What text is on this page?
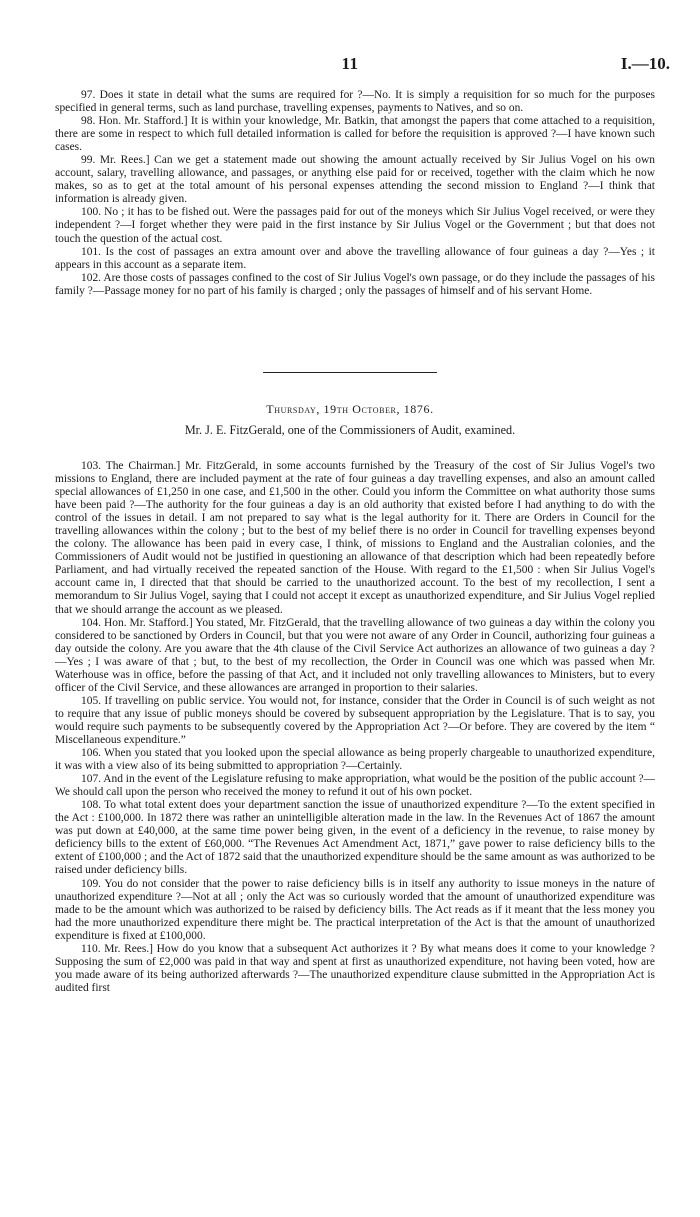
11	I.—10.

97. Does it state in detail what the sums are required for ?—No. It is simply a requisition for so much for the purposes specified in general terms, such as land purchase, travelling expenses, payments to Natives, and so on.

98. Hon. Mr. Stafford.] It is within your knowledge, Mr. Batkin, that amongst the papers that come attached to a requisition, there are some in respect to which full detailed information is called for before the requisition is approved ?—I have known such cases.

99. Mr. Rees.] Can we get a statement made out showing the amount actually received by Sir Julius Vogel on his own account, salary, travelling allowance, and passages, or anything else paid for or received, together with the claim which he now makes, so as to get at the total amount of his personal expenses attending the second mission to England ?—I think that information is already given.

100. No ; it has to be fished out. Were the passages paid for out of the moneys which Sir Julius Vogel received, or were they independent ?—I forget whether they were paid in the first instance by Sir Julius Vogel or the Government ; but that does not touch the question of the actual cost.

101. Is the cost of passages an extra amount over and above the travelling allowance of four guineas a day ?—Yes ; it appears in this account as a separate item.

102. Are those costs of passages confined to the cost of Sir Julius Vogel's own passage, or do they include the passages of his family ?—Passage money for no part of his family is charged ; only the passages of himself and of his servant Home.

Thursday, 19th October, 1876.
Mr. J. E. FitzGerald, one of the Commissioners of Audit, examined.

103. The Chairman.] Mr. FitzGerald, in some accounts furnished by the Treasury of the cost of Sir Julius Vogel's two missions to England, there are included payment at the rate of four guineas a day travelling expenses, and also an amount called special allowances of £1,250 in one case, and £1,500 in the other. Could you inform the Committee on what authority those sums have been paid ?—The authority for the four guineas a day is an old authority that existed before I had anything to do with the control of the issues in detail. I am not prepared to say what is the legal authority for it. There are Orders in Council for the travelling allowances within the colony ; but to the best of my belief there is no order in Council for travelling expenses beyond the colony. The allowance has been paid in every case, I think, of missions to England and the Australian colonies, and the Commissioners of Audit would not be justified in questioning an allowance of that description which had been repeatedly before Parliament, and had virtually received the repeated sanction of the House. With regard to the £1,500 : when Sir Julius Vogel's account came in, I directed that that should be carried to the unauthorized account. To the best of my recollection, I sent a memorandum to Sir Julius Vogel, saying that I could not accept it except as unauthorized expenditure, and Sir Julius Vogel replied that we should arrange the account as we pleased.

104. Hon. Mr. Stafford.] You stated, Mr. FitzGerald, that the travelling allowance of two guineas a day within the colony you considered to be sanctioned by Orders in Council, but that you were not aware of any Order in Council, authorizing four guineas a day outside the colony. Are you aware that the 4th clause of the Civil Service Act authorizes an allowance of two guineas a day ?—Yes ; I was aware of that ; but, to the best of my recollection, the Order in Council was one which was passed when Mr. Waterhouse was in office, before the passing of that Act, and it included not only travelling allowances to Ministers, but to every officer of the Civil Service, and these allowances are arranged in proportion to their salaries.

105. If travelling on public service. You would not, for instance, consider that the Order in Council is of such weight as not to require that any issue of public moneys should be covered by subsequent appropriation by the Legislature. That is to say, you would require such payments to be subsequently covered by the Appropriation Act ?—Or before. They are covered by the item “ Miscellaneous expenditure.”

106. When you stated that you looked upon the special allowance as being properly chargeable to unauthorized expenditure, it was with a view also of its being submitted to appropriation ?—Certainly.

107. And in the event of the Legislature refusing to make appropriation, what would be the position of the public account ?—We should call upon the person who received the money to refund it out of his own pocket.

108. To what total extent does your department sanction the issue of unauthorized expenditure ?—To the extent specified in the Act : £100,000. In 1872 there was rather an unintelligible alteration made in the law. In the Revenues Act of 1867 the amount was put down at £40,000, at the same time power being given, in the event of a deficiency in the revenue, to raise money by deficiency bills to the extent of £60,000. “The Revenues Act Amendment Act, 1871,” gave power to raise deficiency bills to the extent of £100,000 ; and the Act of 1872 said that the unauthorized expenditure should be the same amount as was authorized to be raised under deficiency bills.

109. You do not consider that the power to raise deficiency bills is in itself any authority to issue moneys in the nature of unauthorized expenditure ?—Not at all ; only the Act was so curiously worded that the amount of unauthorized expenditure was made to be the amount which was authorized to be raised by deficiency bills. The Act reads as if it meant that the less money you had the more unauthorized expenditure there might be. The practical interpretation of the Act is that the amount of unauthorized expenditure is fixed at £100,000.

110. Mr. Rees.] How do you know that a subsequent Act authorizes it ? By what means does it come to your knowledge ? Supposing the sum of £2,000 was paid in that way and spent at first as unauthorized expenditure, not having been voted, how are you made aware of its being authorized afterwards ?—The unauthorized expenditure clause submitted in the Appropriation Act is audited first
